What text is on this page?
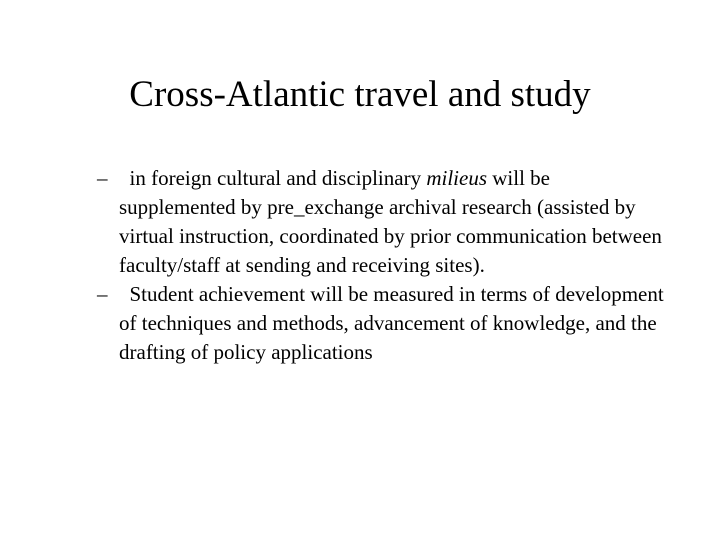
Cross-Atlantic travel and study
– in foreign cultural and disciplinary milieus will be supplemented by pre_exchange archival research (assisted by virtual instruction, coordinated by prior communication between faculty/staff at sending and receiving sites).
– Student achievement will be measured in terms of development of techniques and methods, advancement of knowledge, and the drafting of policy applications
